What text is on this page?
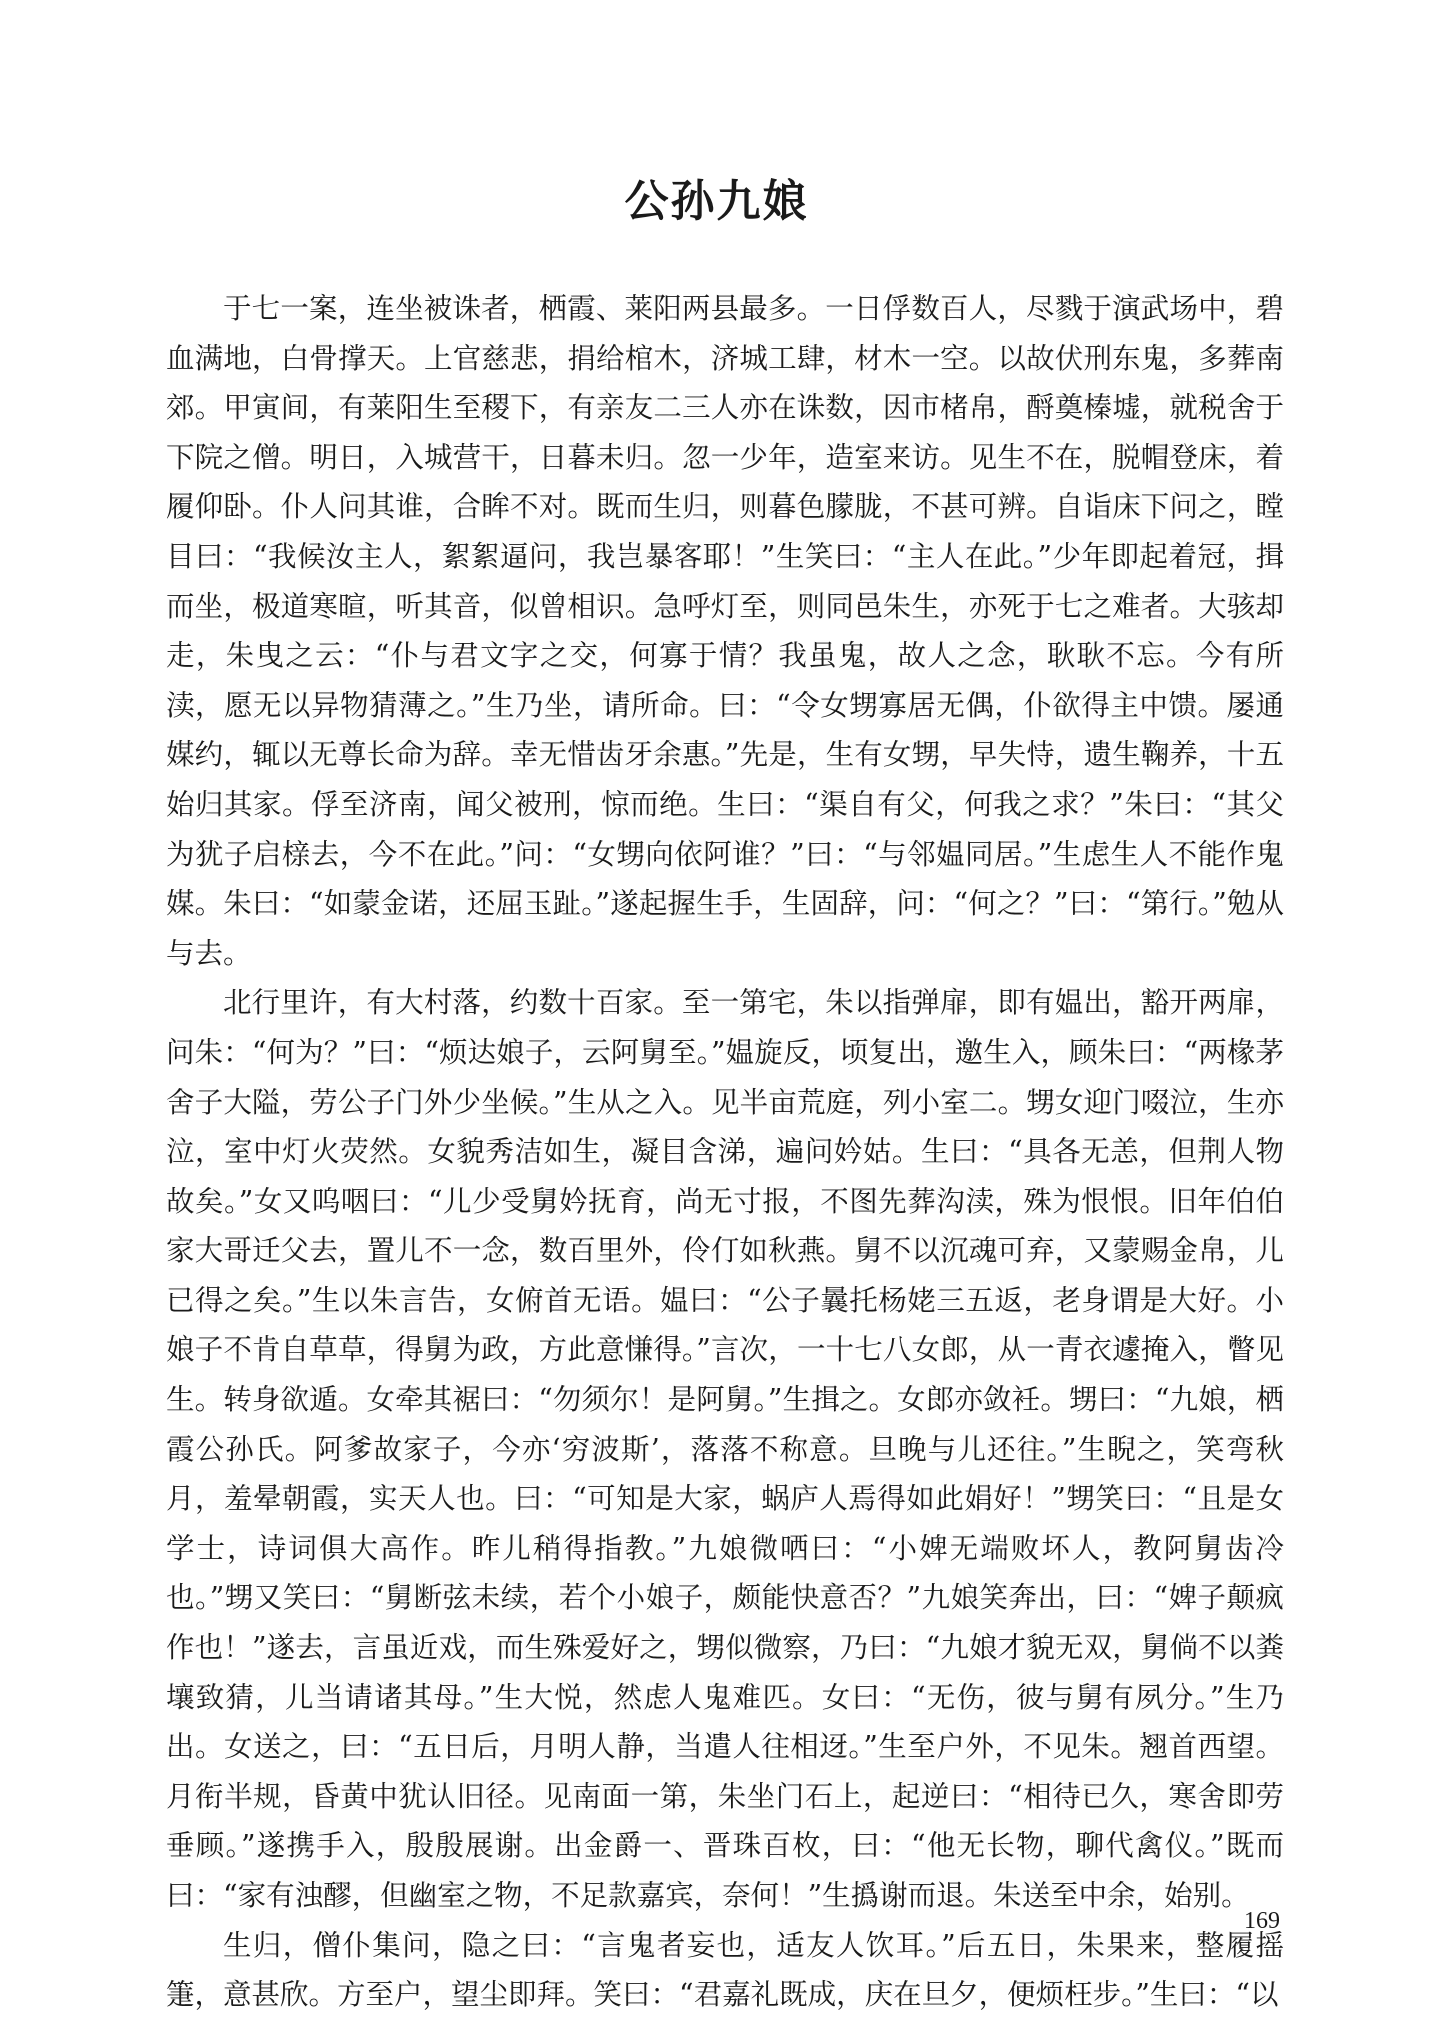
公孙九娘

于七一案，连坐被诛者，栖霞、莱阳两县最多。一日俘数百人，尽戮于演武场中，碧血满地，白骨撑天。上官慈悲，捐给棺木，济城工肆，材木一空。以故伏刑东鬼，多葬南郊。甲寅间，有莱阳生至稷下，有亲友二三人亦在诛数，因市楮帛，酹奠榛墟，就税舍于下院之僧。明日，入城营干，日暮未归。忽一少年，造室来访。见生不在，脱帽登床，着履仰卧。仆人问其谁，合眸不对。既而生归，则暮色朦胧，不甚可辨。自诣床下问之，瞠目曰：“我候汝主人，絮絮逼问，我岂暴客耶！”生笑曰：“主人在此。”少年即起着冠，揖而坐，极道寒暄，听其音，似曾相识。急呼灯至，则同邑朱生，亦死于七之难者。大骇却走，朱曳之云：“仆与君文字之交，何寡于情？我虽鬼，故人之念，耿耿不忘。今有所渎，愿无以异物猜薄之。”生乃坐，请所命。曰：“令女甥寡居无偶，仆欲得主中馈。屡通媒约，辄以无尊长命为辞。幸无惜齿牙余惠。”先是，生有女甥，早失恃，遗生鞠养，十五始归其家。俘至济南，闻父被刑，惊而绝。生曰：“渠自有父，何我之求？”朱曰：“其父为犹子启榇去，今不在此。”问：“女甥向依阿谁？”曰：“与邻媪同居。”生虑生人不能作鬼媒。朱曰：“如蒙金诺，还屈玉趾。”遂起握生手，生固辞，问：“何之？”曰：“第行。”勉从与去。

北行里许，有大村落，约数十百家。至一第宅，朱以指弹扉，即有媪出，豁开两扉，问朱：“何为？”曰：“烦达娘子，云阿舅至。”媪旋反，顷复出，邀生入，顾朱曰：“两椽茅舍子大隘，劳公子门外少坐候。”生从之入。见半亩荒庭，列小室二。甥女迎门啜泣，生亦泣，室中灯火荧然。女貌秀洁如生，凝目含涕，遍问妗姑。生曰：“具各无恙，但荆人物故矣。”女又呜咽曰：“儿少受舅妗抚育，尚无寸报，不图先葬沟渎，殊为恨恨。旧年伯伯家大哥迁父去，置儿不一念，数百里外，伶仃如秋燕。舅不以沉魂可弃，又蒙赐金帛，儿已得之矣。”生以朱言告，女俯首无语。媪曰：“公子曩托杨姥三五返，老身谓是大好。小娘子不肯自草草，得舅为政，方此意慊得。”言次，一十七八女郎，从一青衣遽掩入，瞥见生。转身欲遁。女牵其裾曰：“勿须尔！是阿舅。”生揖之。女郎亦敛衽。甥曰：“九娘，栖霞公孙氏。阿爹故家子，今亦‘穷波斯’，落落不称意。旦晚与儿还往。”生睨之，笑弯秋月，羞晕朝霞，实天人也。曰：“可知是大家，蜗庐人焉得如此娟好！”甥笑曰：“且是女学士，诗词俱大高作。昨儿稍得指教。”九娘微哂曰：“小婢无端败坏人，教阿舅齿冷也。”甥又笑曰：“舅断弦未续，若个小娘子，颇能快意否？”九娘笑奔出，曰：“婢子颠疯作也！”遂去，言虽近戏，而生殊爱好之，甥似微察，乃曰：“九娘才貌无双，舅倘不以粪壤致猜，儿当请诸其母。”生大悦，然虑人鬼难匹。女曰：“无伤，彼与舅有夙分。”生乃出。女送之，曰：“五日后，月明人静，当遣人往相迓。”生至户外，不见朱。翘首西望。月衔半规，昏黄中犹认旧径。见南面一第，朱坐门石上，起逆曰：“相待已久，寒舍即劳垂顾。”遂携手入，殷殷展谢。出金爵一、晋珠百枚，曰：“他无长物，聊代禽仪。”既而曰：“家有浊醪，但幽室之物，不足款嘉宾，奈何！”生撝谢而退。朱送至中余，始别。

生归，僧仆集问，隐之曰：“言鬼者妄也，适友人饮耳。”后五日，朱果来，整履摇箑，意甚欣。方至户，望尘即拜。笑曰：“君嘉礼既成，庆在旦夕，便烦枉步。”生曰：“以

169
